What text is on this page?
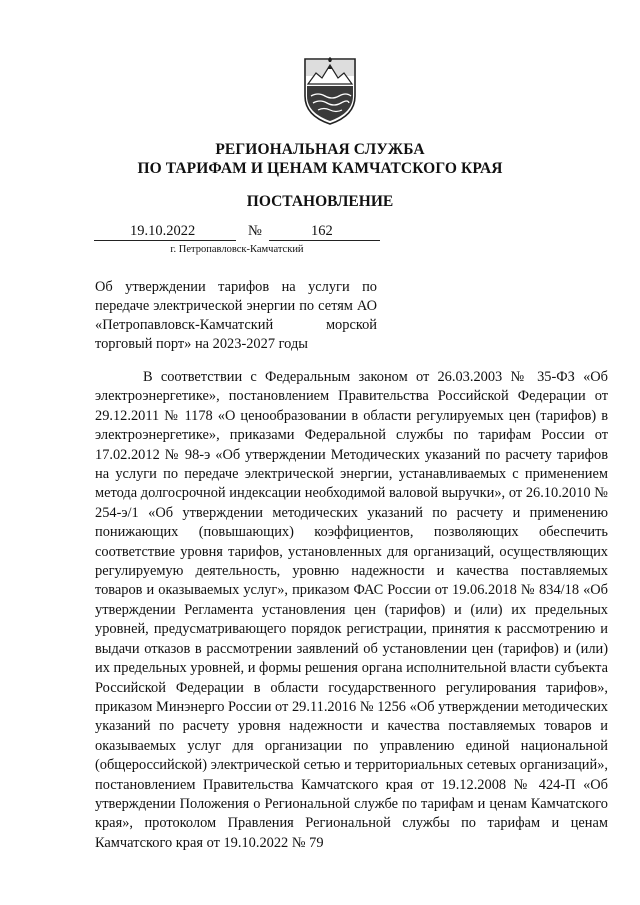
РЕГИОНАЛЬНАЯ СЛУЖБА
ПО ТАРИФАМ И ЦЕНАМ КАМЧАТСКОГО КРАЯ
ПОСТАНОВЛЕНИЕ
19.10.2022	№	162
г. Петропавловск-Камчатский
Об утверждении тарифов на услуги по передаче электрической энергии по сетям АО «Петропавловск-Камчатский морской торговый порт» на 2023-2027 годы

В соответствии с Федеральным законом от 26.03.2003 № 35-ФЗ «Об электроэнергетике», постановлением Правительства Российской Федерации от 29.12.2011 № 1178 «О ценообразовании в области регулируемых цен (тарифов) в электроэнергетике», приказами Федеральной службы по тарифам России от 17.02.2012 № 98-э «Об утверждении Методических указаний по расчету тарифов на услуги по передаче электрической энергии, устанавливаемых с применением метода долгосрочной индексации необходимой валовой выручки», от 26.10.2010 № 254-э/1 «Об утверждении методических указаний по расчету и применению понижающих (повышающих) коэффициентов, позволяющих обеспечить соответствие уровня тарифов, установленных для организаций, осуществляющих регулируемую деятельность, уровню надежности и качества поставляемых товаров и оказываемых услуг», приказом ФАС России от 19.06.2018 № 834/18 «Об утверждении Регламента установления цен (тарифов) и (или) их предельных уровней, предусматривающего порядок регистрации, принятия к рассмотрению и выдачи отказов в рассмотрении заявлений об установлении цен (тарифов) и (или) их предельных уровней, и формы решения органа исполнительной власти субъекта Российской Федерации в области государственного регулирования тарифов», приказом Минэнерго России от 29.11.2016 № 1256 «Об утверждении методических указаний по расчету уровня надежности и качества поставляемых товаров и оказываемых услуг для организации по управлению единой национальной (общероссийской) электрической сетью и территориальных сетевых организаций», постановлением Правительства Камчатского края от 19.12.2008 № 424-П «Об утверждении Положения о Региональной службе по тарифам и ценам Камчатского края», протоколом Правления Региональной службы по тарифам и ценам Камчатского края от 19.10.2022 № 79
